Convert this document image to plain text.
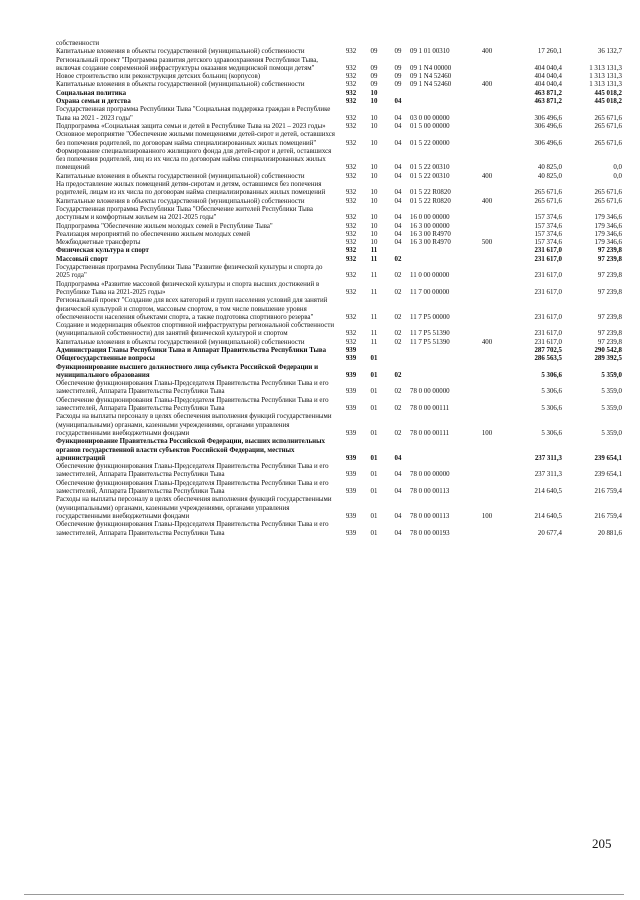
собственности							
Капитальные вложения в объекты государственной (муниципальной) собственности	932	09	09	09 1 01 00310	400	17 260,1	36 132,7
Региональный проект "Программа развития детского здравоохранения Республики Тыва, включая создание современной инфраструктуры оказания медицинской помощи детям"	932	09	09	09 1 N4 00000		404 040,4	1 313 131,3
Новое строительство или реконструкция детских больниц (корпусов)	932	09	09	09 1 N4 52460		404 040,4	1 313 131,3
Капитальные вложения в объекты государственной (муниципальной) собственности	932	09	09	09 1 N4 52460	400	404 040,4	1 313 131,3
Социальная политика	932	10				463 871,2	445 018,2
Охрана семьи и детства	932	10	04			463 871,2	445 018,2
Государственная программа Республики Тыва "Социальная поддержка граждан в Республике Тыва на 2021 - 2023 годы"	932	10	04	03 0 00 00000		306 496,6	265 671,6
Подпрограмма «Социальная защита семьи и детей в Республике Тыва на 2021 – 2023 годы»	932	10	04	01 5 00 00000		306 496,6	265 671,6
Основное мероприятие "Обеспечение жилыми помещениями детей-сирот и детей, оставшихся без попечения родителей, по договорам найма специализированных жилых помещений"	932	10	04	01 5 22 00000		306 496,6	265 671,6
Формирование специализированного жилищного фонда для детей-сирот и детей, оставшихся без попечения родителей, лиц из их числа по договорам найма специализированных жилых помещений	932	10	04	01 5 22 00310		40 825,0	0,0
Капитальные вложения в объекты государственной (муниципальной) собственности	932	10	04	01 5 22 00310	400	40 825,0	0,0
На предоставление жилых помещений детям-сиротам и детям, оставшимся без попечения родителей, лицам из их числа по договорам найма специализированных жилых помещений	932	10	04	01 5 22 R0820		265 671,6	265 671,6
Капитальные вложения в объекты государственной (муниципальной) собственности	932	10	04	01 5 22 R0820	400	265 671,6	265 671,6
Государственная программа Республики Тыва "Обеспечение жителей Республики Тыва доступным и комфортным жильем на 2021-2025 годы"	932	10	04	16 0 00 00000		157 374,6	179 346,6
Подпрограмма "Обеспечение жильем молодых семей в Республике Тыва"	932	10	04	16 3 00 00000		157 374,6	179 346,6
Реализация мероприятий по обеспечению жильем молодых семей	932	10	04	16 3 00 R4970		157 374,6	179 346,6
Межбюджетные трансферты	932	10	04	16 3 00 R4970	500	157 374,6	179 346,6
Физическая культура и спорт	932	11				231 617,0	97 239,8
Массовый спорт	932	11	02			231 617,0	97 239,8
Государственная программа Республики Тыва "Развитие физической культуры и спорта до 2025 года"	932	11	02	11 0 00 00000		231 617,0	97 239,8
Подпрограмма «Развитие массовой физической культуры и спорта высших достижений в Республике Тыва на 2021-2025 годы»	932	11	02	11 7 00 00000		231 617,0	97 239,8
Региональный проект "Создание для всех категорий и групп населения условий для занятий физической культурой и спортом, массовым спортом, в том числе повышение уровня обеспеченности населения объектами спорта, а также подготовка спортивного резерва"	932	11	02	11 7 P5 00000		231 617,0	97 239,8
Создание и модернизация объектов спортивной инфраструктуры региональной собственности (муниципальной собственности) для занятий физической культурой и спортом	932	11	02	11 7 P5 51390		231 617,0	97 239,8
Капитальные вложения в объекты государственной (муниципальной) собственности	932	11	02	11 7 P5 51390	400	231 617,0	97 239,8
Администрация Главы Республики Тыва и Аппарат Правительства Республики Тыва	939					287 702,5	290 542,8
Общегосударственные вопросы	939	01				286 563,5	289 392,5
Функционирование высшего должностного лица субъекта Российской Федерации и муниципального образования	939	01	02			5 306,6	5 359,0
Обеспечение функционирования Главы-Председателя Правительства Республики Тыва и его заместителей, Аппарата Правительства Республики Тыва	939	01	02	78 0 00 00000		5 306,6	5 359,0
Обеспечение функционирования Главы-Председателя Правительства Республики Тыва и его заместителей, Аппарата Правительства Республики Тыва	939	01	02	78 0 00 00111		5 306,6	5 359,0
Расходы на выплаты персоналу в целях обеспечения выполнения функций государственными (муниципальными) органами, казенными учреждениями, органами управления государственными внебюджетными фондами	939	01	02	78 0 00 00111	100	5 306,6	5 359,0
Функционирование Правительства Российской Федерации, высших исполнительных органов государственной власти субъектов Российской Федерации, местных администраций	939	01	04			237 311,3	239 654,1
Обеспечение функционирования Главы-Председателя Правительства Республики Тыва и его заместителей, Аппарата Правительства Республики Тыва	939	01	04	78 0 00 00000		237 311,3	239 654,1
Обеспечение функционирования Главы-Председателя Правительства Республики Тыва и его заместителей, Аппарата Правительства Республики Тыва	939	01	04	78 0 00 00113		214 640,5	216 759,4
Расходы на выплаты персоналу в целях обеспечения выполнения функций государственными (муниципальными) органами, казенными учреждениями, органами управления государственными внебюджетными фондами	939	01	04	78 0 00 00113	100	214 640,5	216 759,4
Обеспечение функционирования Главы-Председателя Правительства Республики Тыва и его заместителей, Аппарата Правительства Республики Тыва	939	01	04	78 0 00 00193		20 677,4	20 881,6
205
